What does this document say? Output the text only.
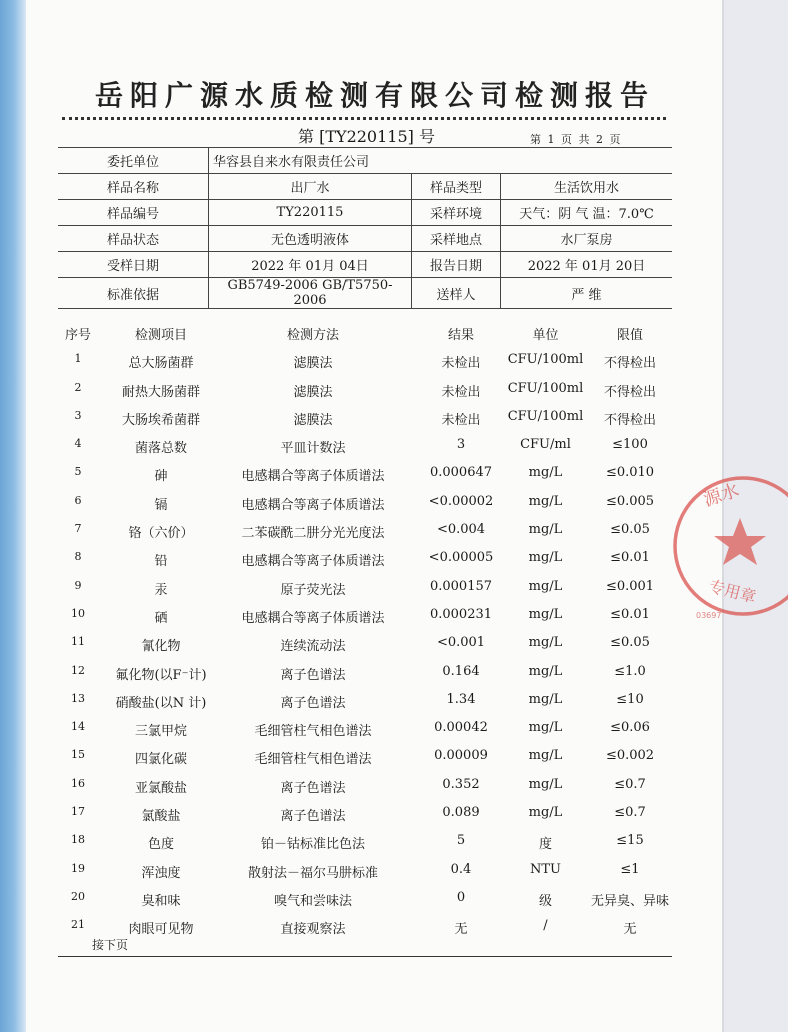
岳阳广源水质检测有限公司检测报告
第 [TY220115] 号	第 1 页 共 2 页
委托单位	华容县自来水有限责任公司		
样品名称	出厂水	样品类型	生活饮用水
样品编号	TY220115	采样环境	天气：阴 气 温：7.0℃
样品状态	无色透明液体	采样地点	水厂泵房
受样日期	2022 年 01月 04日	报告日期	2022 年 01月 20日
标准依据	GB5749-2006 GB/T5750-2006	送样人	严 维
序号	检测项目	检测方法	结果	单位	限值
1	总大肠菌群	滤膜法	未检出	CFU/100ml	不得检出
2	耐热大肠菌群	滤膜法	未检出	CFU/100ml	不得检出
3	大肠埃希菌群	滤膜法	未检出	CFU/100ml	不得检出
4	菌落总数	平皿计数法	3	CFU/ml	≤100
5	砷	电感耦合等离子体质谱法	0.000647	mg/L	≤0.010
6	镉	电感耦合等离子体质谱法	<0.00002	mg/L	≤0.005
7	铬（六价）	二苯碳酰二肼分光光度法	<0.004	mg/L	≤0.05
8	铅	电感耦合等离子体质谱法	<0.00005	mg/L	≤0.01
9	汞	原子荧光法	0.000157	mg/L	≤0.001
10	硒	电感耦合等离子体质谱法	0.000231	mg/L	≤0.01
11	氰化物	连续流动法	<0.001	mg/L	≤0.05
12	氟化物(以F⁻计)	离子色谱法	0.164	mg/L	≤1.0
13	硝酸盐(以N 计)	离子色谱法	1.34	mg/L	≤10
14	三氯甲烷	毛细管柱气相色谱法	0.00042	mg/L	≤0.06
15	四氯化碳	毛细管柱气相色谱法	0.00009	mg/L	≤0.002
16	亚氯酸盐	离子色谱法	0.352	mg/L	≤0.7
17	氯酸盐	离子色谱法	0.089	mg/L	≤0.7
18	色度	铂－钴标准比色法	5	度	≤15
19	浑浊度	散射法－福尔马肼标准	0.4	NTU	≤1
20	臭和味	嗅气和尝味法	0	级	无异臭、异味
21	肉眼可见物	直接观察法	无	/	无
接下页
源水
专用章
03697
